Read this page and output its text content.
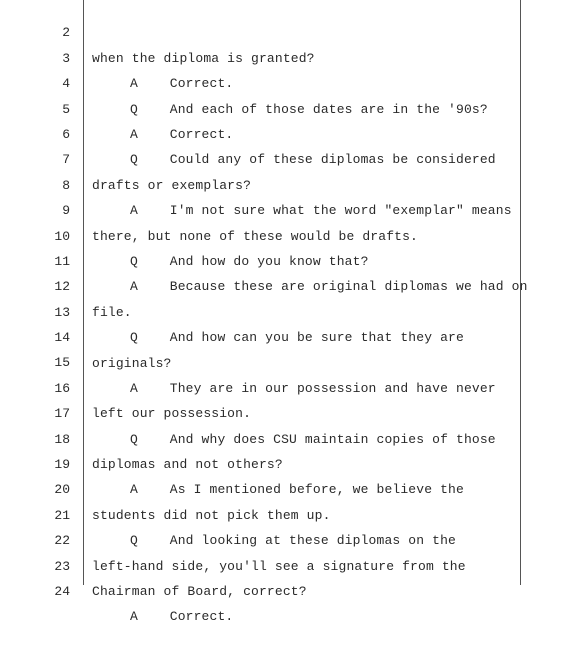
2

when the diploma is granted?

3

A    Correct.

4

Q    And each of those dates are in the '90s?

5

A    Correct.

6

Q    Could any of these diplomas be considered

7

drafts or exemplars?

8

A    I'm not sure what the word "exemplar" means

9

there, but none of these would be drafts.

10

Q    And how do you know that?

11

A    Because these are original diplomas we had on

12

file.

13

Q    And how can you be sure that they are

14

originals?

15

A    They are in our possession and have never

16

left our possession.

17

Q    And why does CSU maintain copies of those

18

diplomas and not others?

19

A    As I mentioned before, we believe the

20

students did not pick them up.

21

Q    And looking at these diplomas on the

22

left-hand side, you'll see a signature from the

23

Chairman of Board, correct?

24

A    Correct.
